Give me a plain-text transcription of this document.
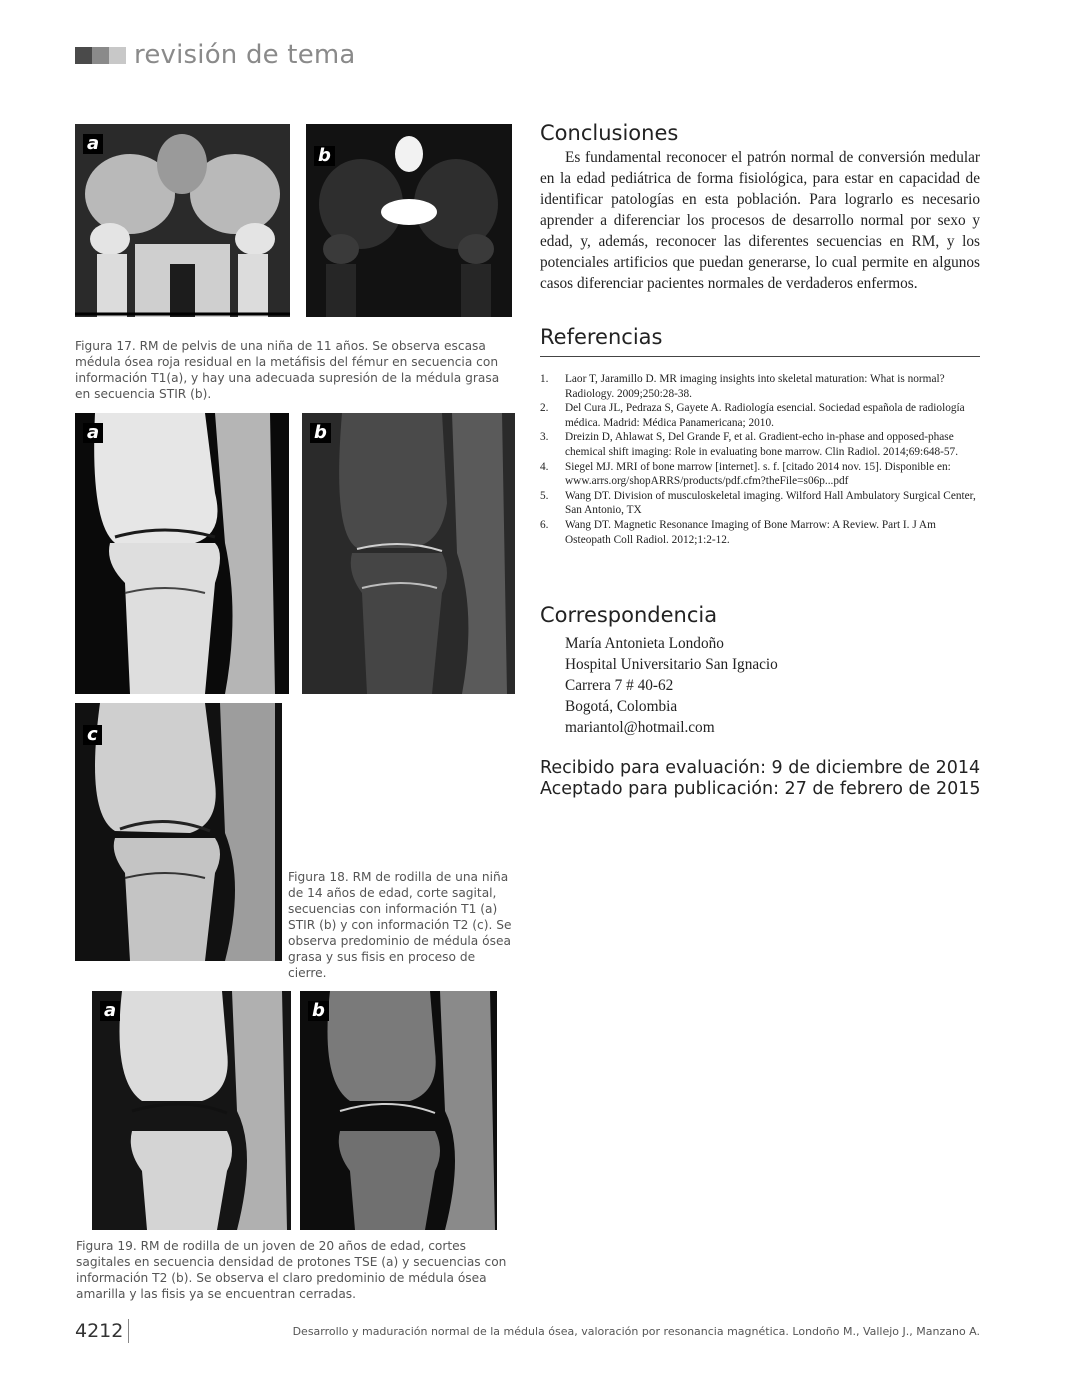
revisión de tema
a
b
Figura 17. RM de pelvis de una niña de 11 años. Se observa escasa médula ósea roja residual en la metáfisis del fémur en secuencia con información T1(a), y hay una adecuada supresión de la médula grasa en secuencia STIR (b).
a	b
c
Figura 18. RM de rodilla de una niña de 14 años de edad, corte sagital, secuencias con información T1 (a) STIR (b) y con información T2 (c). Se observa predominio de médula ósea grasa y sus fisis en proceso de cierre.
a	b
Figura 19. RM de rodilla de un joven de 20 años de edad, cortes sagitales en secuencia densidad de protones TSE (a) y secuencias con información T2 (b). Se observa el claro predominio de médula ósea amarilla y las fisis ya se encuentran cerradas.
Conclusiones

Es fundamental reconocer el patrón normal de conversión medular en la edad pediátrica de forma fisiológica, para estar en capacidad de identificar patologías en esta población. Para lograrlo es necesario aprender a diferenciar los procesos de desarrollo normal por sexo y edad, y, además, reconocer las diferentes secuencias en RM, y los potenciales artificios que puedan generarse, lo cual permite en algunos casos diferenciar pacientes normales de verdaderos enfermos.

Referencias
1.	Laor T, Jaramillo D. MR imaging insights into skeletal maturation: What is normal? Radiology. 2009;250:28-38.
2.	Del Cura JL, Pedraza S, Gayete A. Radiología esencial. Sociedad española de radiología médica. Madrid: Médica Panamericana; 2010.
3.	Dreizin D, Ahlawat S, Del Grande F, et al. Gradient-echo in-phase and opposed-phase chemical shift imaging: Role in evaluating bone marrow. Clin Radiol. 2014;69:648-57.
4.	Siegel MJ. MRI of bone marrow [internet]. s. f. [citado 2014 nov. 15]. Disponible en: www.arrs.org/shopARRS/products/pdf.cfm?theFile=s06p...pdf
5.	Wang DT. Division of musculoskeletal imaging. Wilford Hall Ambulatory Surgical Center, San Antonio, TX
6.	Wang DT. Magnetic Resonance Imaging of Bone Marrow: A Review. Part I. J Am Osteopath Coll Radiol. 2012;1:2-12.
Correspondencia
María Antonieta Londoño
Hospital Universitario San Ignacio
Carrera 7 # 40-62
Bogotá, Colombia
mariantol@hotmail.com
Recibido para evaluación: 9 de diciembre de 2014
Aceptado para publicación: 27 de febrero de 2015
4212	Desarrollo y maduración normal de la médula ósea, valoración por resonancia magnética. Londoño M., Vallejo J., Manzano A.
